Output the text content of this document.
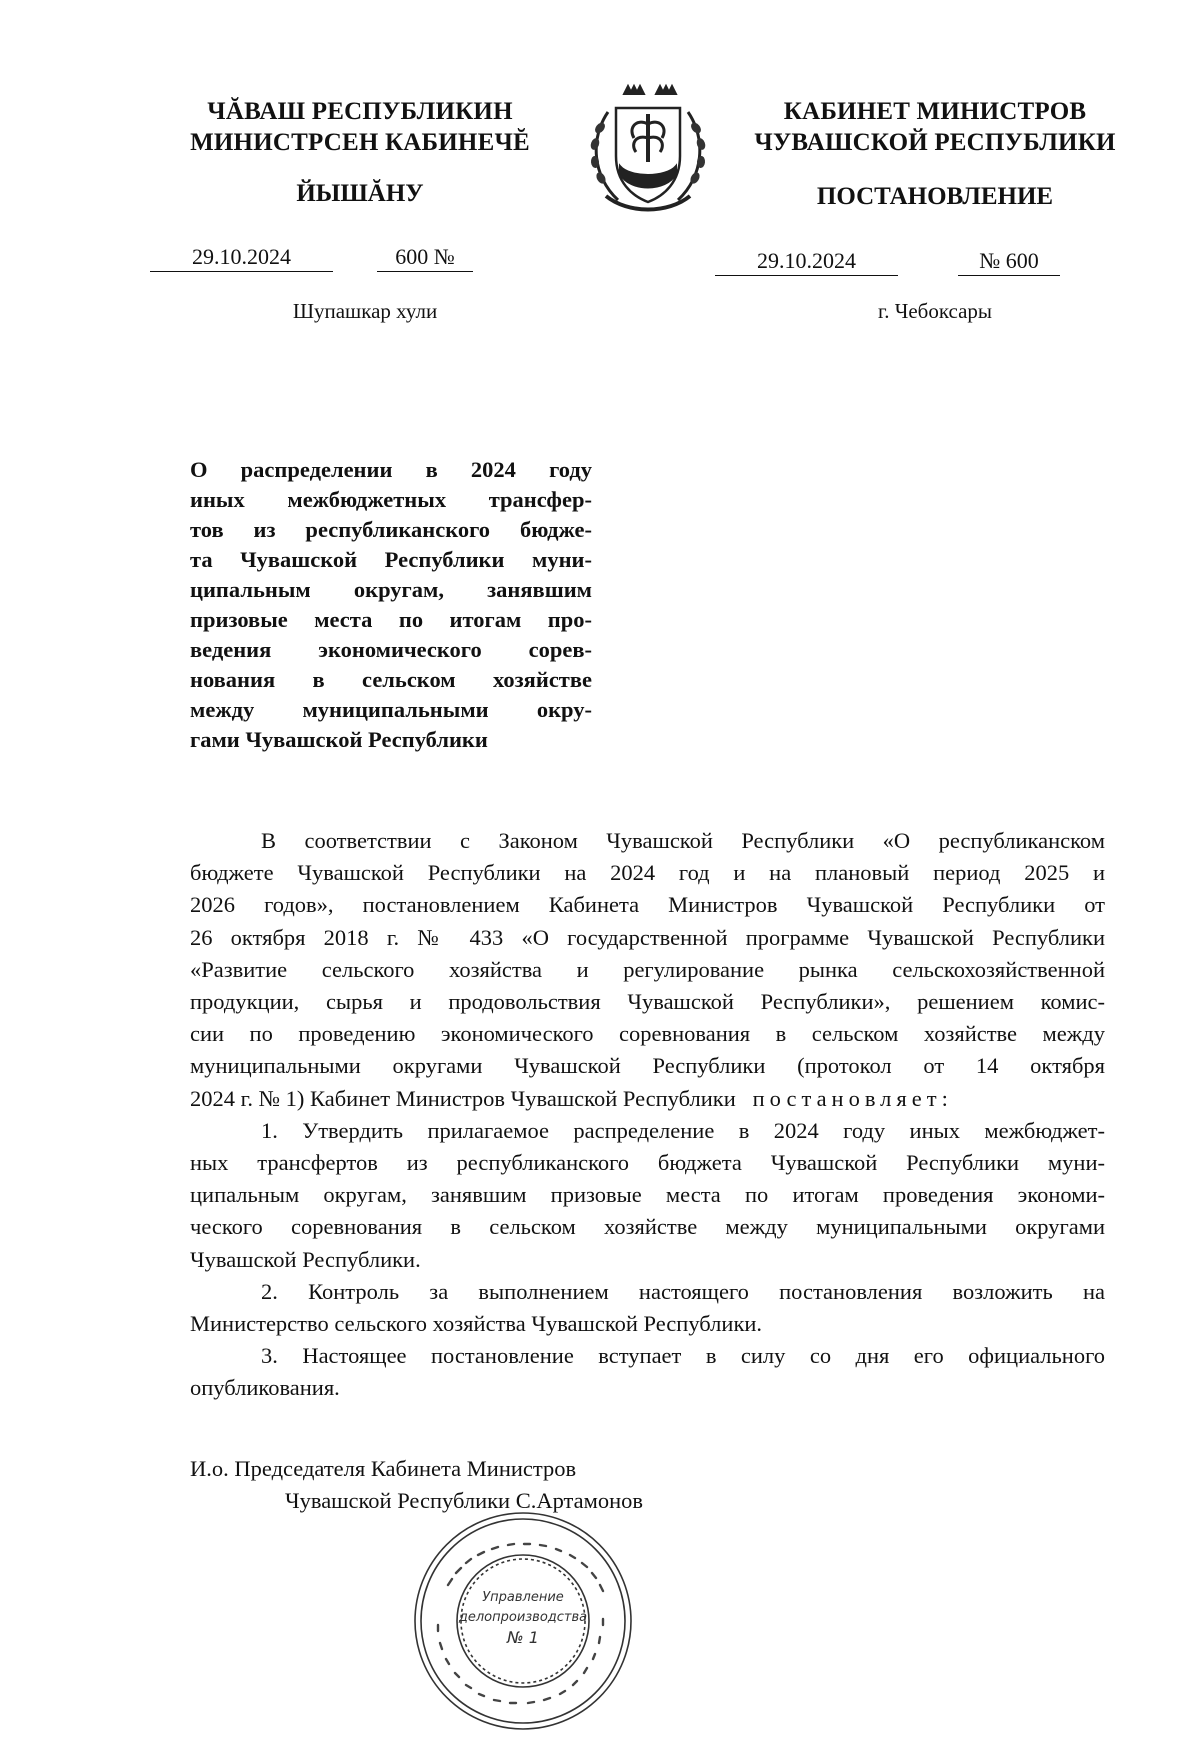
ЧĂВАШ РЕСПУБЛИКИН
МИНИСТРСЕН КАБИНЕЧĔ
ЙЫШĂНУ
КАБИНЕТ МИНИСТРОВ
ЧУВАШСКОЙ РЕСПУБЛИКИ
ПОСТАНОВЛЕНИЕ
29.10.2024	600 №
Шупашкар хули
29.10.2024	№ 600
г. Чебоксары
О распределении в 2024 году
иных межбюджетных трансфер-
тов из республиканского бюдже-
та Чувашской Республики муни-
ципальным округам, занявшим
призовые места по итогам про-
ведения экономического сорев-
нования в сельском хозяйстве
между муниципальными окру-
гами Чувашской Республики
В соответствии с Законом Чувашской Республики «О республиканском
бюджете Чувашской Республики на 2024 год и на плановый период 2025 и
2026 годов», постановлением Кабинета Министров Чувашской Республики от
26 октября 2018 г. № 433 «О государственной программе Чувашской Республики
«Развитие сельского хозяйства и регулирование рынка сельскохозяйственной
продукции, сырья и продовольствия Чувашской Республики», решением комис-
сии по проведению экономического соревнования в сельском хозяйстве между
муниципальными округами Чувашской Республики (протокол от 14 октября
2024 г. № 1) Кабинет Министров Чувашской Республики постановляет:
1. Утвердить прилагаемое распределение в 2024 году иных межбюджет-
ных трансфертов из республиканского бюджета Чувашской Республики муни-
ципальным округам, занявшим призовые места по итогам проведения экономи-
ческого соревнования в сельском хозяйстве между муниципальными округами
Чувашской Республики.
2. Контроль за выполнением настоящего постановления возложить на
Министерство сельского хозяйства Чувашской Республики.
3. Настоящее постановление вступает в силу со дня его официального
опубликования.
И.о. Председателя Кабинета Министров
Чувашской Республики С.Артамонов
Управление
делопроизводства
№ 1
